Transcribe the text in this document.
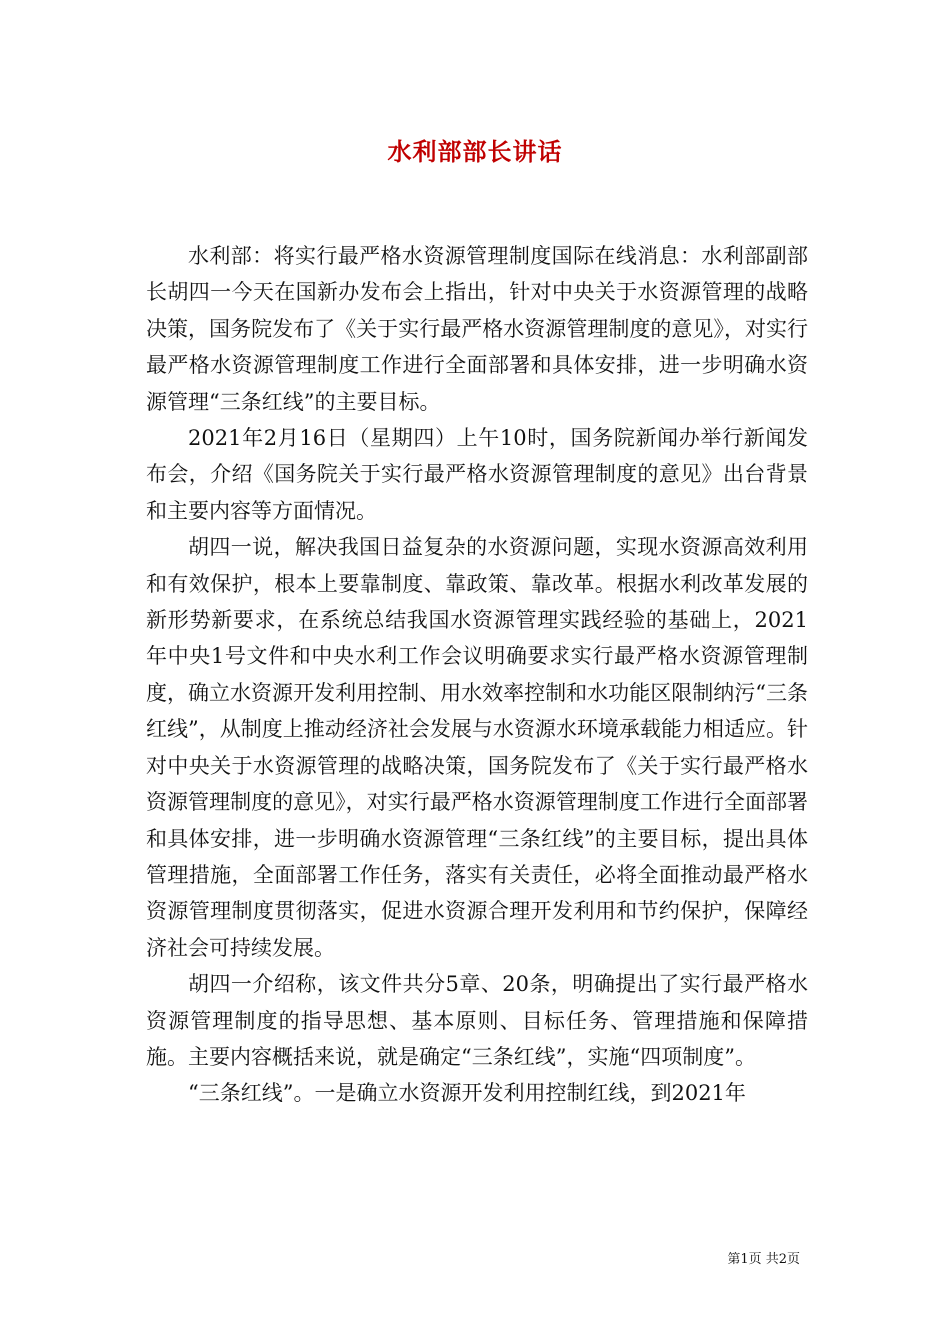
水利部部长讲话

水利部：将实行最严格水资源管理制度国际在线消息：水利部副部长胡四一今天在国新办发布会上指出，针对中央关于水资源管理的战略决策，国务院发布了《关于实行最严格水资源管理制度的意见》，对实行最严格水资源管理制度工作进行全面部署和具体安排，进一步明确水资源管理“三条红线”的主要目标。

2021年2月16日（星期四）上午10时，国务院新闻办举行新闻发布会，介绍《国务院关于实行最严格水资源管理制度的意见》出台背景和主要内容等方面情况。

胡四一说，解决我国日益复杂的水资源问题，实现水资源高效利用和有效保护，根本上要靠制度、靠政策、靠改革。根据水利改革发展的新形势新要求，在系统总结我国水资源管理实践经验的基础上，2021年中央1号文件和中央水利工作会议明确要求实行最严格水资源管理制度，确立水资源开发利用控制、用水效率控制和水功能区限制纳污“三条红线”，从制度上推动经济社会发展与水资源水环境承载能力相适应。针对中央关于水资源管理的战略决策，国务院发布了《关于实行最严格水资源管理制度的意见》，对实行最严格水资源管理制度工作进行全面部署和具体安排，进一步明确水资源管理“三条红线”的主要目标，提出具体管理措施，全面部署工作任务，落实有关责任，必将全面推动最严格水资源管理制度贯彻落实，促进水资源合理开发利用和节约保护，保障经济社会可持续发展。

胡四一介绍称，该文件共分5章、20条，明确提出了实行最严格水资源管理制度的指导思想、基本原则、目标任务、管理措施和保障措施。主要内容概括来说，就是确定“三条红线”，实施“四项制度”。

“三条红线”。一是确立水资源开发利用控制红线，到2021年

第1页 共2页
